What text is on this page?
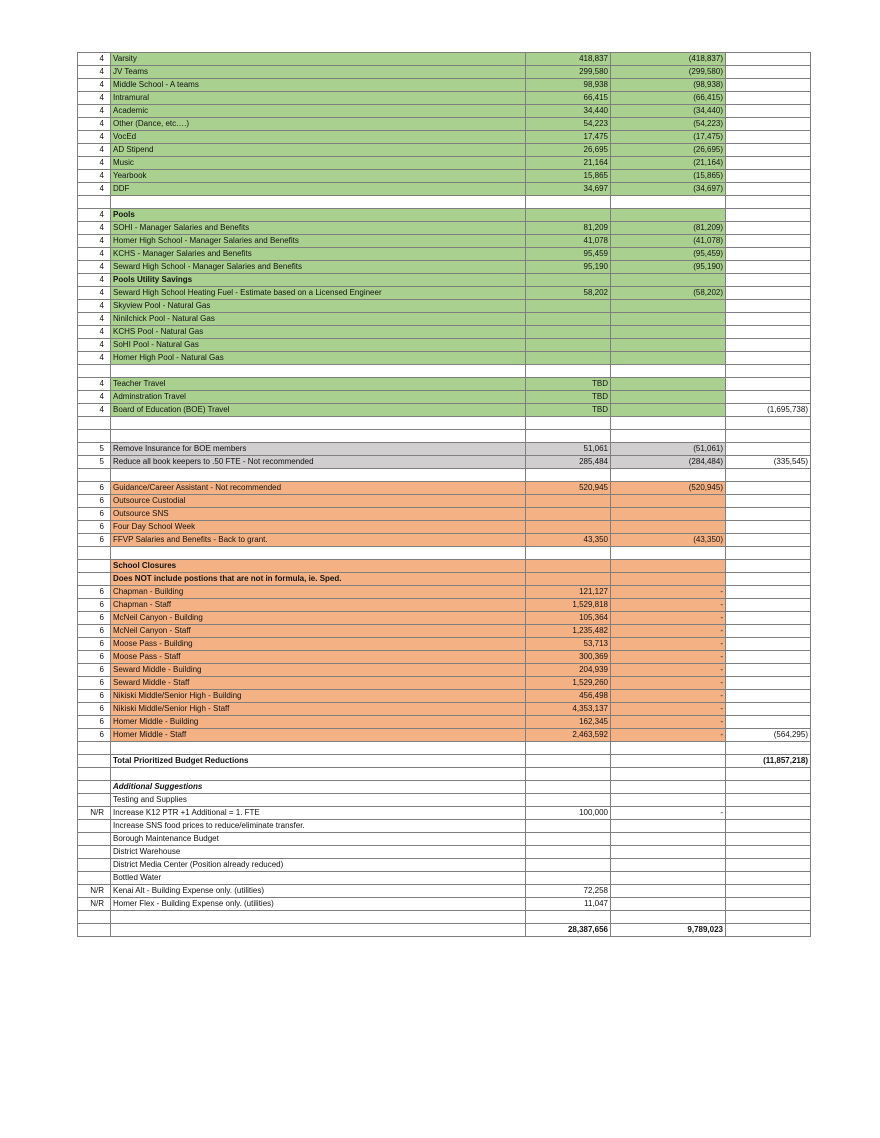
4	Varsity	418,837	(418,837)	
4	JV Teams	299,580	(299,580)	
4	Middle School - A teams	98,938	(98,938)	
4	Intramural	66,415	(66,415)	
4	Academic	34,440	(34,440)	
4	Other (Dance, etc….)	54,223	(54,223)	
4	VocEd	17,475	(17,475)	
4	AD Stipend	26,695	(26,695)	
4	Music	21,164	(21,164)	
4	Yearbook	15,865	(15,865)	
4	DDF	34,697	(34,697)	

4	Pools			
4	SOHI - Manager Salaries and Benefits	81,209	(81,209)	
4	Homer High School - Manager Salaries and Benefits	41,078	(41,078)	
4	KCHS - Manager Salaries and Benefits	95,459	(95,459)	
4	Seward High School - Manager Salaries and Benefits	95,190	(95,190)	
4	Pools Utility Savings			
4	Seward High School Heating Fuel - Estimate based on a Licensed Engineer	58,202	(58,202)	
4	Skyview Pool - Natural Gas			
4	Ninilchick Pool - Natural Gas			
4	KCHS Pool - Natural Gas			
4	SoHI Pool - Natural Gas			
4	Homer High Pool - Natural Gas			

4	Teacher Travel	TBD		
4	Adminstration Travel	TBD		
4	Board of Education (BOE) Travel	TBD		(1,695,738)

5	Remove Insurance for BOE members	51,061	(51,061)	
5	Reduce all book keepers to .50 FTE - Not recommended	285,484	(284,484)	(335,545)

6	Guidance/Career Assistant - Not recommended	520,945	(520,945)	
6	Outsource Custodial			
6	Outsource SNS			
6	Four Day School Week			
6	FFVP Salaries and Benefits - Back to grant.	43,350	(43,350)	

	School Closures			
	Does NOT include postions that are not in formula, ie. Sped.			
6	Chapman - Building	121,127	-	
6	Chapman - Staff	1,529,818	-	
6	McNeil Canyon - Building	105,364	-	
6	McNeil Canyon - Staff	1,235,482	-	
6	Moose Pass - Building	53,713	-	
6	Moose Pass - Staff	300,369	-	
6	Seward Middle - Building	204,939	-	
6	Seward Middle - Staff	1,529,260	-	
6	Nikiski Middle/Senior High - Building	456,498	-	
6	Nikiski Middle/Senior High - Staff	4,353,137	-	
6	Homer Middle - Building	162,345	-	
6	Homer Middle - Staff	2,463,592	-	(564,295)

	Total Prioritized Budget Reductions			(11,857,218)

	Additional Suggestions			
	Testing and Supplies			
N/R	Increase K12 PTR +1 Additional = 1. FTE	100,000	-	
	Increase SNS food prices to reduce/eliminate transfer.			
	Borough Maintenance Budget			
	District Warehouse			
	District Media Center (Position already reduced)			
	Bottled Water			
N/R	Kenai Alt - Building Expense only. (utilities)	72,258		
N/R	Homer Flex - Building Expense only. (utilities)	11,047		

		28,387,656	9,789,023	
